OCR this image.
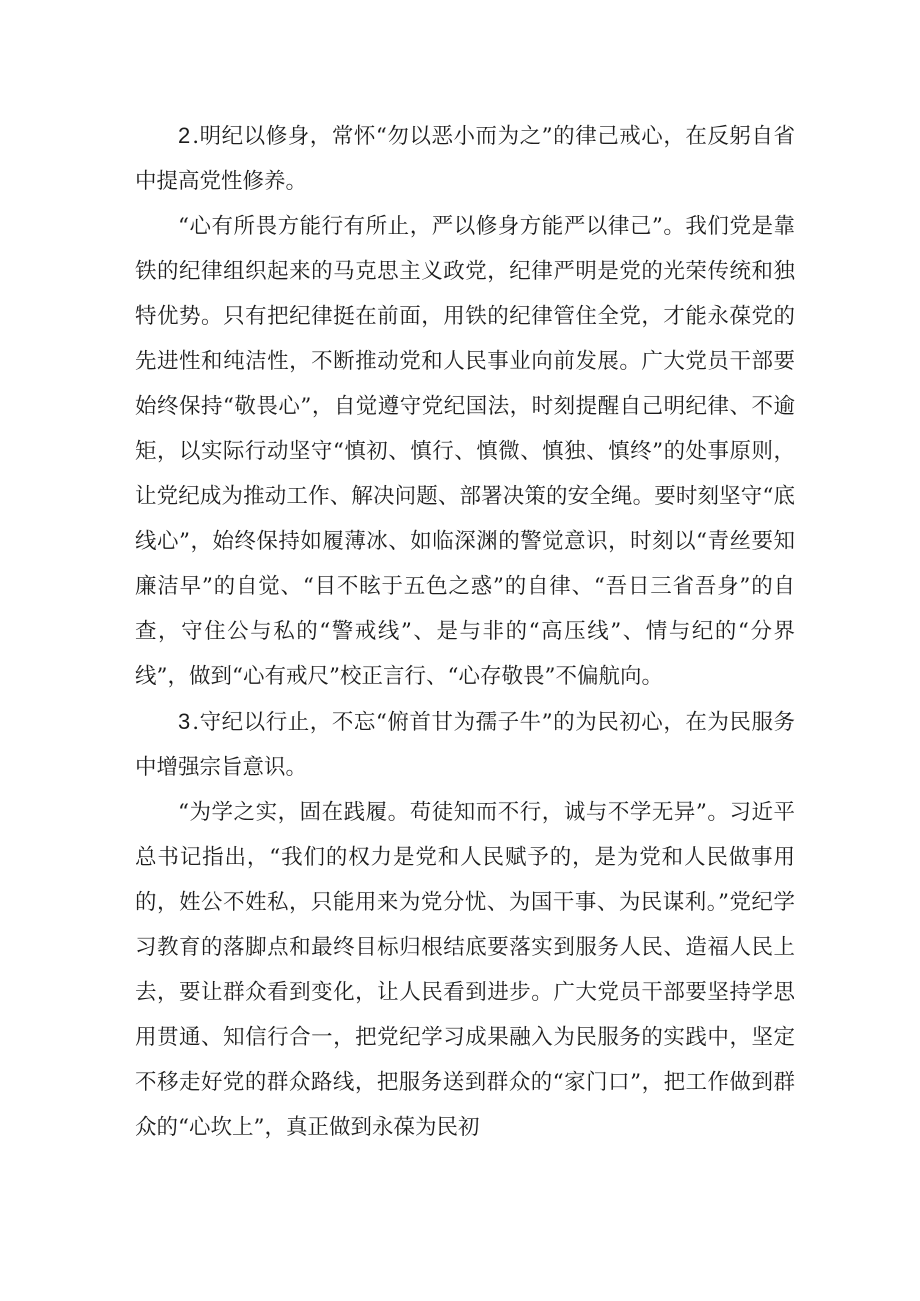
2.明纪以修身，常怀“勿以恶小而为之”的律己戒心，在反躬自省中提高党性修养。

“心有所畏方能行有所止，严以修身方能严以律己”。我们党是靠铁的纪律组织起来的马克思主义政党，纪律严明是党的光荣传统和独特优势。只有把纪律挺在前面，用铁的纪律管住全党，才能永葆党的先进性和纯洁性，不断推动党和人民事业向前发展。广大党员干部要始终保持“敬畏心”，自觉遵守党纪国法，时刻提醒自己明纪律、不逾矩，以实际行动坚守“慎初、慎行、慎微、慎独、慎终”的处事原则，让党纪成为推动工作、解决问题、部署决策的安全绳。要时刻坚守“底线心”，始终保持如履薄冰、如临深渊的警觉意识，时刻以“青丝要知廉洁早”的自觉、“目不眩于五色之惑”的自律、“吾日三省吾身”的自查，守住公与私的“警戒线”、是与非的“高压线”、情与纪的“分界线”，做到“心有戒尺”校正言行、“心存敬畏”不偏航向。

3.守纪以行止，不忘“俯首甘为孺子牛”的为民初心，在为民服务中增强宗旨意识。

“为学之实，固在践履。苟徒知而不行，诚与不学无异”。习近平总书记指出，“我们的权力是党和人民赋予的，是为党和人民做事用的，姓公不姓私，只能用来为党分忧、为国干事、为民谋利。”党纪学习教育的落脚点和最终目标归根结底要落实到服务人民、造福人民上去，要让群众看到变化，让人民看到进步。广大党员干部要坚持学思用贯通、知信行合一，把党纪学习成果融入为民服务的实践中，坚定不移走好党的群众路线，把服务送到群众的“家门口”，把工作做到群众的“心坎上”，真正做到永葆为民初
